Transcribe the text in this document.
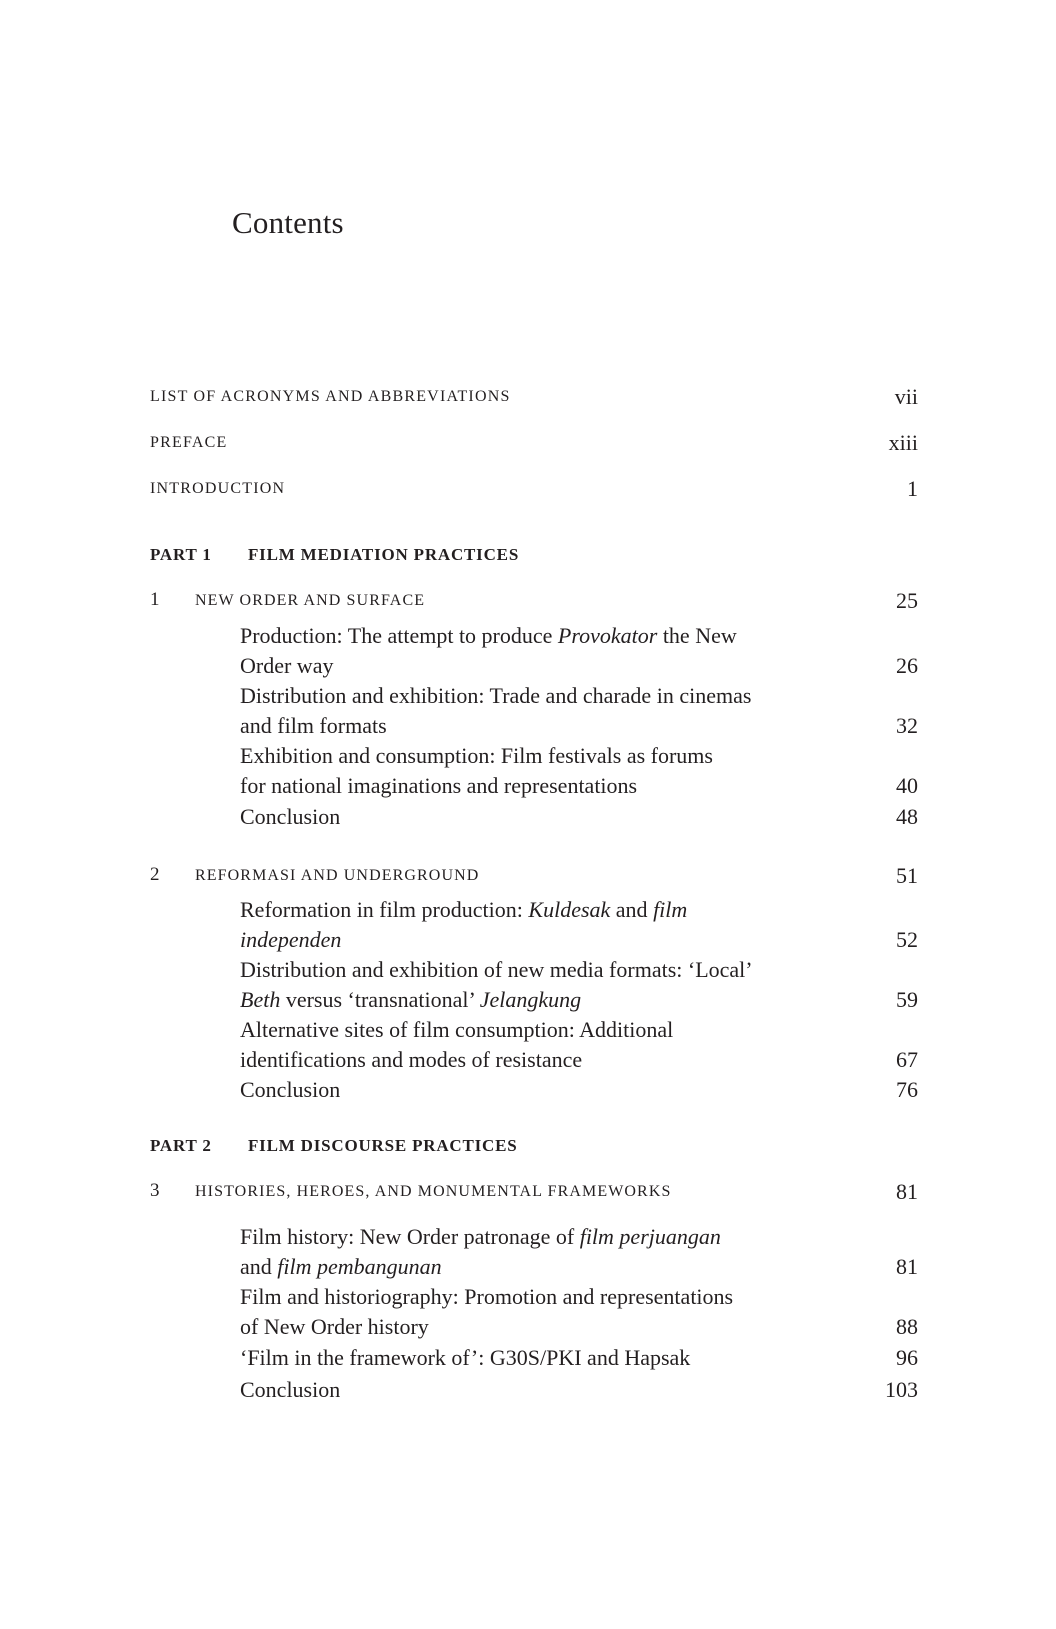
Contents
LIST OF ACRONYMS AND ABBREVIATIONS	vii
PREFACE	xiii
INTRODUCTION	1
PART 1 FILM MEDIATION PRACTICES
1 NEW ORDER AND SURFACE	25
Production: The attempt to produce Provokator the New
Order way	26
Distribution and exhibition: Trade and charade in cinemas
and film formats	32
Exhibition and consumption: Film festivals as forums
for national imaginations and representations	40
Conclusion	48
2 REFORMASI AND UNDERGROUND	51
Reformation in film production: Kuldesak and film
independen	52
Distribution and exhibition of new media formats: ‘Local’
Beth versus ‘transnational’ Jelangkung	59
Alternative sites of film consumption: Additional
identifications and modes of resistance	67
Conclusion	76
PART 2 FILM DISCOURSE PRACTICES
3 HISTORIES, HEROES, AND MONUMENTAL FRAMEWORKS	81
Film history: New Order patronage of film perjuangan
and film pembangunan	81
Film and historiography: Promotion and representations
of New Order history	88
‘Film in the framework of’: G30S/PKI and Hapsak	96
Conclusion	103
